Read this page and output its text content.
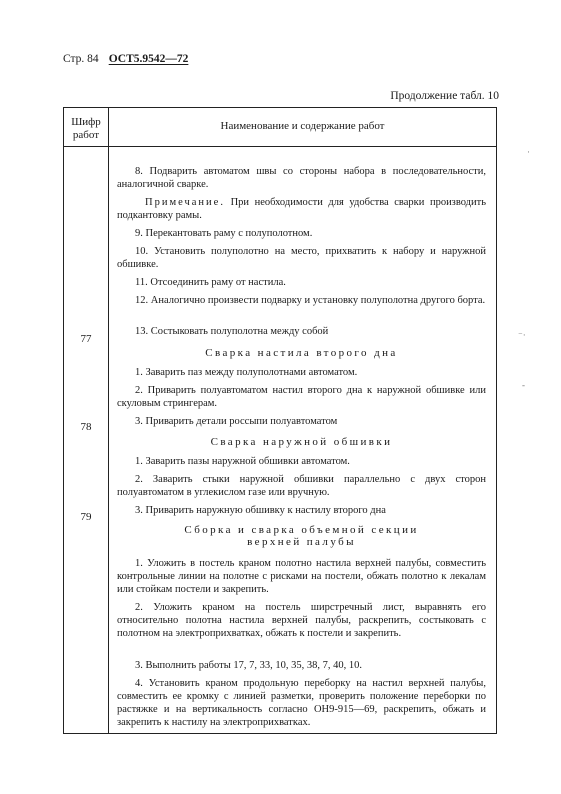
Стр. 84 ОСТ5.9542—72
Продолжение табл. 10
Шифр
работ
Наименование и содержание работ
77
78
79

8. Подварить автоматом швы со стороны набора в последовательности, аналогичной сварке.

Примечание. При необходимости для удобства сварки производить подкантовку рамы.

9. Перекантовать раму с полуполотном.

10. Установить полуполотно на место, прихватить к набору и наружной обшивке.

11. Отсоединить раму от настила.

12. Аналогично произвести подварку и установку полуполотна другого борта.

13. Состыковать полуполотна между собой

Сварка настила второго дна

1. Заварить паз между полуполотнами автоматом.

2. Приварить полуавтоматом настил второго дна к наружной обшивке или скуловым стрингерам.

3. Приварить детали россыпи полуавтоматом

Сварка наружной обшивки

1. Заварить пазы наружной обшивки автоматом.

2. Заварить стыки наружной обшивки параллельно с двух сторон полуавтоматом в углекислом газе или вручную.

3. Приварить наружную обшивку к настилу второго дна

Сборка и сварка объемной секции
верхней палубы

1. Уложить в постель краном полотно настила верхней палубы, совместить контрольные линии на полотне с рисками на постели, обжать полотно к лекалам или стойкам постели и закрепить.

2. Уложить краном на постель ширстречный лист, выравнять его относительно полотна настила верхней палубы, раскрепить, состыковать с полотном на электроприхватках, обжать к постели и закрепить.

3. Выполнить работы 17, 7, 33, 10, 35, 38, 7, 40, 10.

4. Установить краном продольную переборку на настил верхней палубы, совместить ее кромку с линией разметки, проверить положение переборки по растяжке и на вертикальность согласно ОН9-915—69, раскрепить, обжать и закрепить к настилу на электроприхватках.

·
⁻·
-
